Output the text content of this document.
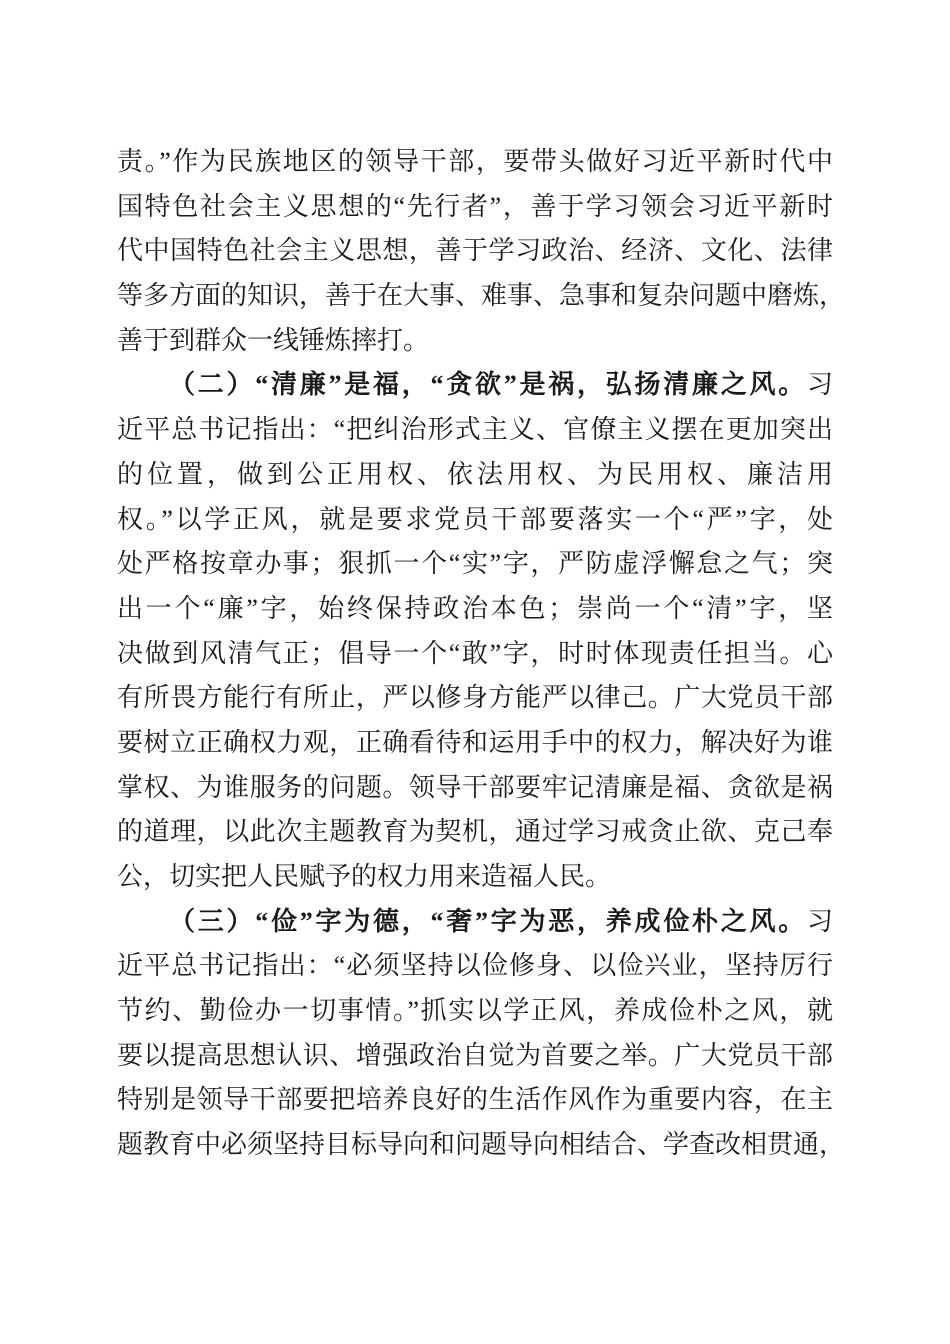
责。”作为民族地区的领导干部，要带头做好习近平新时代中
国特色社会主义思想的“先行者”，善于学习领会习近平新时
代中国特色社会主义思想，善于学习政治、经济、文化、法律
等多方面的知识，善于在大事、难事、急事和复杂问题中磨炼，
善于到群众一线锤炼摔打。
（二）“清廉”是福，“贪欲”是祸，弘扬清廉之风。习
近平总书记指出：“把纠治形式主义、官僚主义摆在更加突出
的位置，做到公正用权、依法用权、为民用权、廉洁用
权。”以学正风，就是要求党员干部要落实一个“严”字，处
处严格按章办事；狠抓一个“实”字，严防虚浮懈怠之气；突
出一个“廉”字，始终保持政治本色；崇尚一个“清”字，坚
决做到风清气正；倡导一个“敢”字，时时体现责任担当。心
有所畏方能行有所止，严以修身方能严以律己。广大党员干部
要树立正确权力观，正确看待和运用手中的权力，解决好为谁
掌权、为谁服务的问题。领导干部要牢记清廉是福、贪欲是祸
的道理，以此次主题教育为契机，通过学习戒贪止欲、克己奉
公，切实把人民赋予的权力用来造福人民。
（三）“俭”字为德，“奢”字为恶，养成俭朴之风。习
近平总书记指出：“必须坚持以俭修身、以俭兴业，坚持厉行
节约、勤俭办一切事情。”抓实以学正风，养成俭朴之风，就
要以提高思想认识、增强政治自觉为首要之举。广大党员干部
特别是领导干部要把培养良好的生活作风作为重要内容，在主
题教育中必须坚持目标导向和问题导向相结合、学查改相贯通，
